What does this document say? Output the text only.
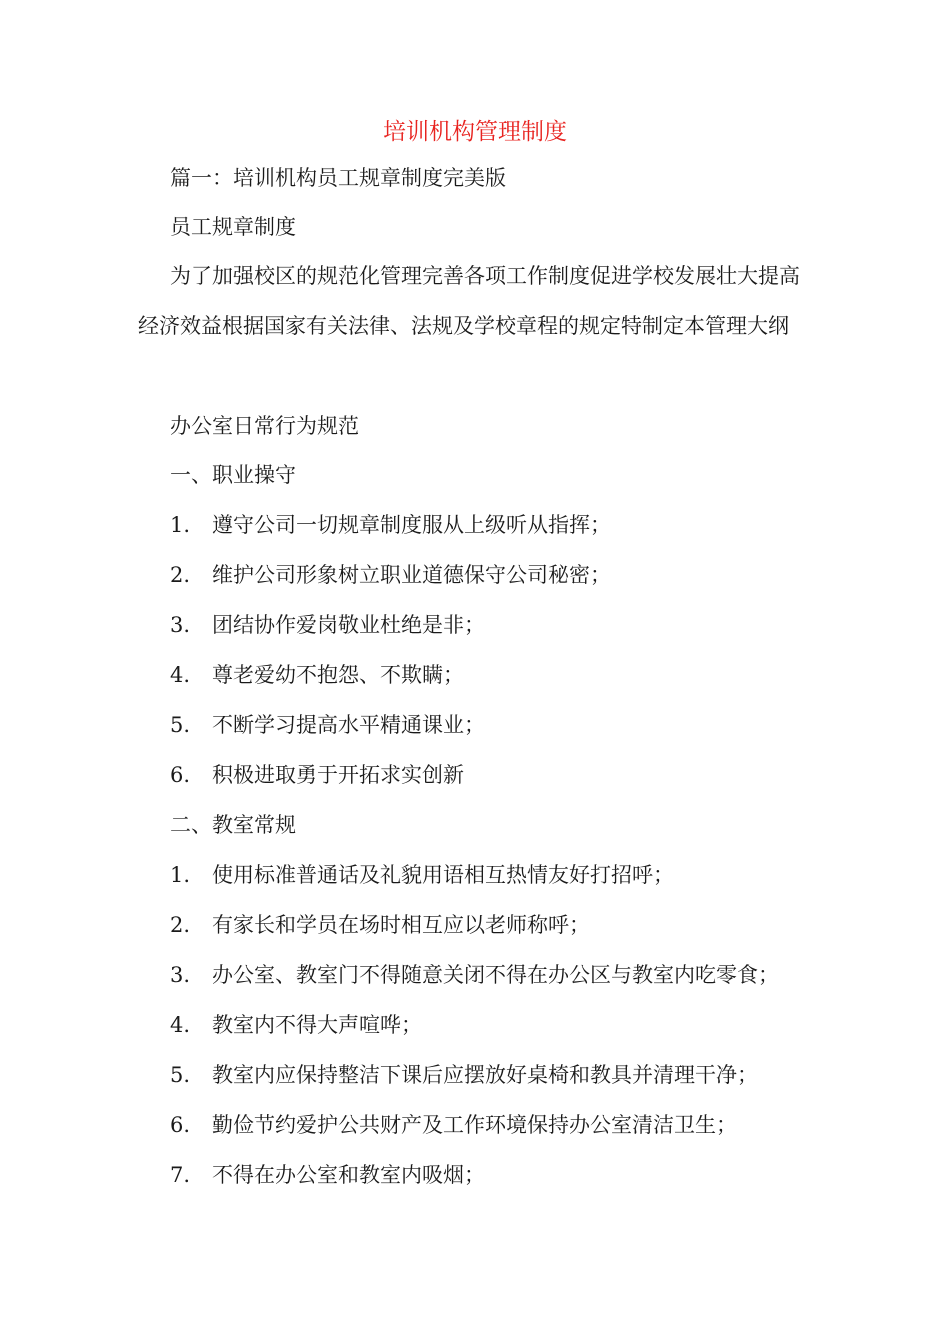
培训机构管理制度
篇一：培训机构员工规章制度完美版
员工规章制度
为了加强校区的规范化管理完善各项工作制度促进学校发展壮大提高经济效益根据国家有关法律、法规及学校章程的规定特制定本管理大纲
办公室日常行为规范
一、职业操守
1. 遵守公司一切规章制度服从上级听从指挥；
2. 维护公司形象树立职业道德保守公司秘密；
3. 团结协作爱岗敬业杜绝是非；
4. 尊老爱幼不抱怨、不欺瞒；
5. 不断学习提高水平精通课业；
6. 积极进取勇于开拓求实创新
二、教室常规
1. 使用标准普通话及礼貌用语相互热情友好打招呼；
2. 有家长和学员在场时相互应以老师称呼；
3. 办公室、教室门不得随意关闭不得在办公区与教室内吃零食；
4. 教室内不得大声喧哗；
5. 教室内应保持整洁下课后应摆放好桌椅和教具并清理干净；
6. 勤俭节约爱护公共财产及工作环境保持办公室清洁卫生；
7. 不得在办公室和教室内吸烟；
